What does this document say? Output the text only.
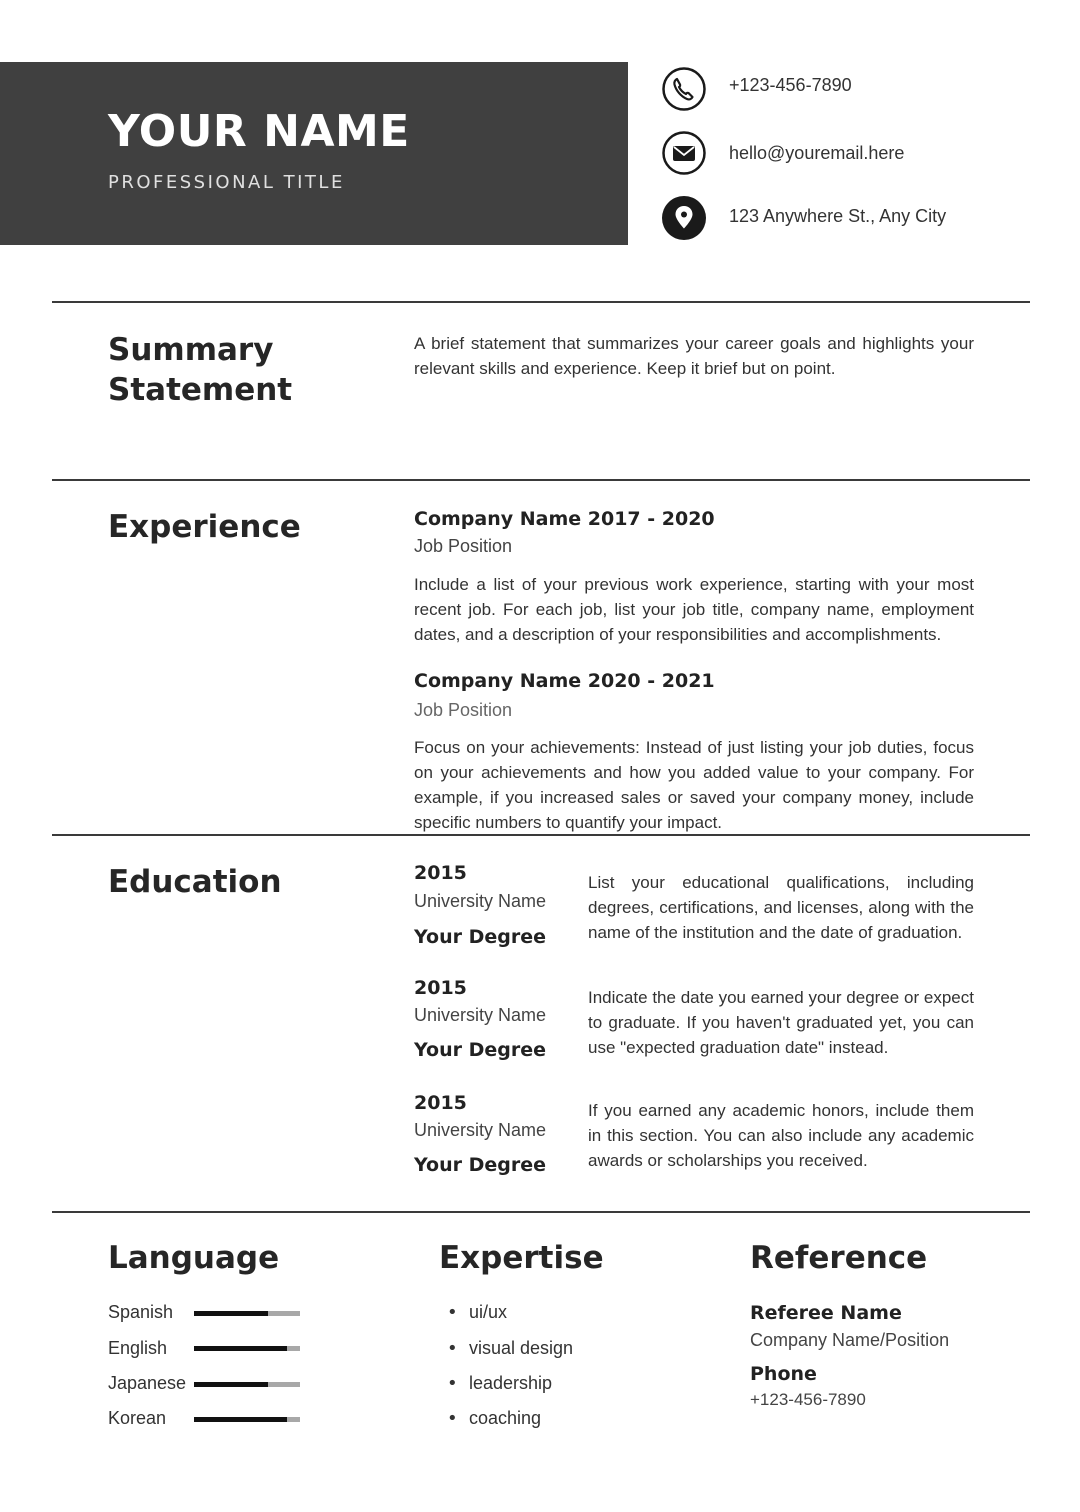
YOUR NAME
PROFESSIONAL TITLE
+123-456-7890
hello@youremail.here
123 Anywhere St., Any City
Summary
Statement
A brief statement that summarizes your career goals and highlights your relevant skills and experience. Keep it brief but on point.
Experience	Company Name 2017 - 2020
Job Position
Include a list of your previous work experience, starting with your most recent job. For each job, list your job title, company name, employment dates, and a description of your responsibilities and accomplishments.
Company Name 2020 - 2021
Job Position
Focus on your achievements: Instead of just listing your job duties, focus on your achievements and how you added value to your company. For example, if you increased sales or saved your company money, include specific numbers to quantify your impact.
Education	2015
University Name
Your Degree
List your educational qualifications, including degrees, certifications, and licenses, along with the name of the institution and the date of graduation.
2015
University Name
Your Degree
Indicate the date you earned your degree or expect to graduate. If you haven't graduated yet, you can use "expected graduation date" instead.
2015
University Name
Your Degree
If you earned any academic honors, include them in this section. You can also include any academic awards or scholarships you received.
Language
Spanish
English
Japanese
Korean
Expertise
• ui/ux
• visual design
• leadership
• coaching
Reference
Referee Name
Company Name/Position
Phone
+123-456-7890
